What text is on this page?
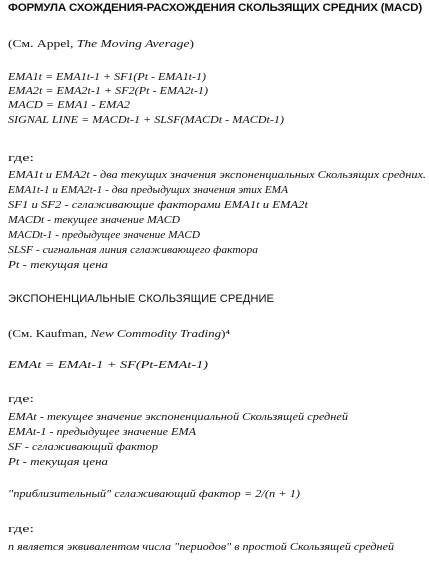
ФОРМУЛА СХОЖДЕНИЯ-РАСХОЖДЕНИЯ СКОЛЬЗЯЩИХ СРЕДНИХ (MACD)
(См. Appel, The Moving Average)
EMA1t = EMA1t-1 + SF1(Pt - EMA1t-1)
EMA2t = EMA2t-1 + SF2(Pt - EMA2t-1)
MACD = EMA1 - EMA2
SIGNAL LINE = MACDt-1 + SLSF(MACDt - MACDt-1)
где:
EMA1t и EMA2t - два текущих значения экспоненциальных Скользящих средних.
EMA1t-1 и EMA2t-1 - два предыдущих значения этих EMA
SF1 и SF2 - сглаживающие факторами EMA1t и EMA2t
MACDt - текущее значение MACD
MACDt-1 - предыдущее значение MACD
SLSF - сигнальная линия сглаживающего фактора
Pt - текущая цена
ЭКСПОНЕНЦИАЛЬНЫЕ СКОЛЬЗЯЩИЕ СРЕДНИЕ
(См. Kaufman, New Commodity Trading)⁴
EMAt = EMAt-1 + SF(Pt-EMAt-1)
где:
EMAt - текущее значение экспоненциальной Скользящей средней
EMAt-1 - предыдущее значение EMA
SF - сглаживающий фактор
Pt - текущая цена
"приблизительный" сглаживающий фактор = 2/(n + 1)
где:
n является эквивалентом числа "периодов" в простой Скользящей средней
